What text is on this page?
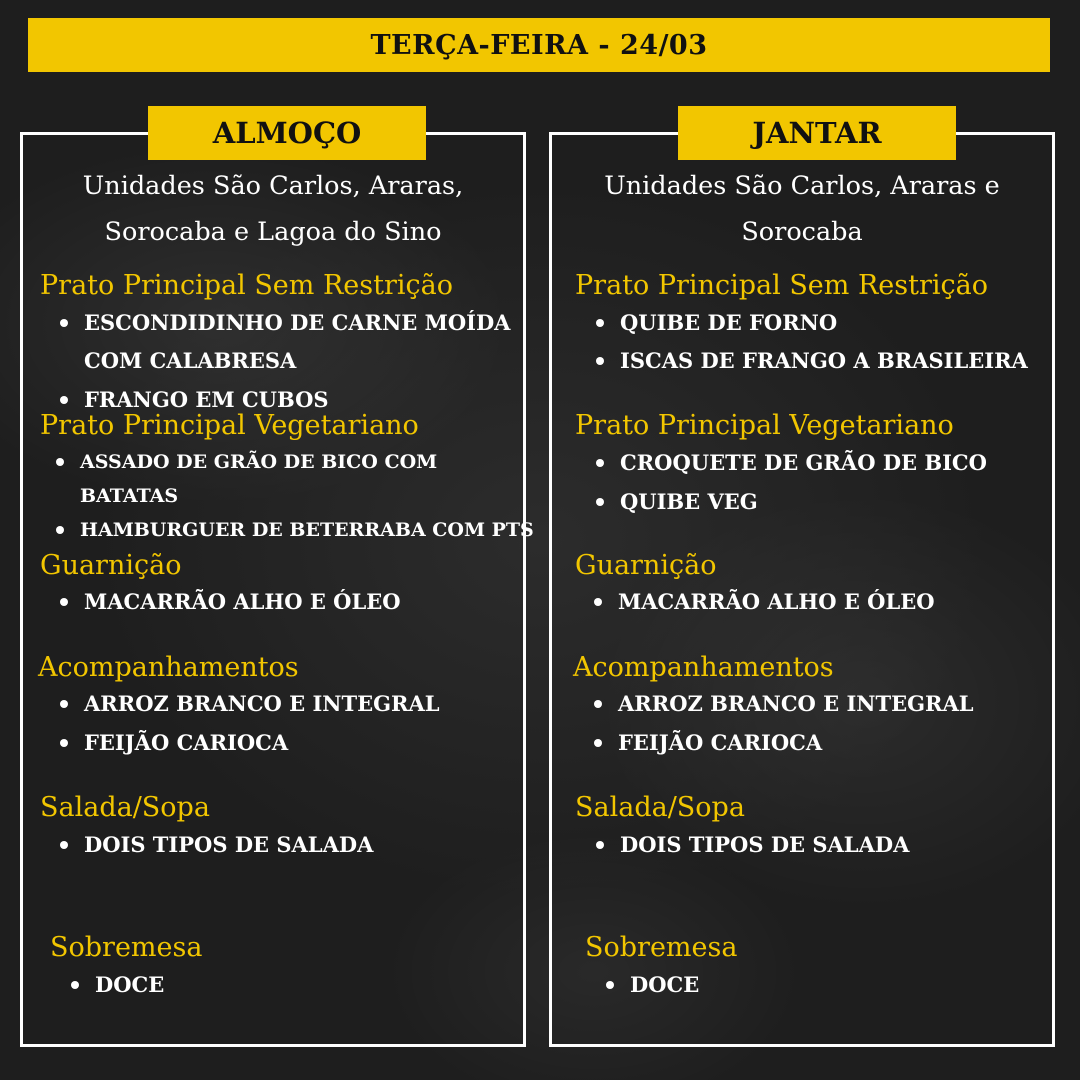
TERÇA-FEIRA - 24/03
ALMOÇO
Unidades São Carlos, Araras,
Sorocaba e Lagoa do Sino
Prato Principal Sem Restrição
ESCONDIDINHO DE CARNE MOÍDA
COM CALABRESA
FRANGO EM CUBOS
Prato Principal Vegetariano
ASSADO DE GRÃO DE BICO COM
BATATAS
HAMBURGUER DE BETERRABA COM PTS
Guarnição
MACARRÃO ALHO E ÓLEO
Acompanhamentos
ARROZ BRANCO E INTEGRAL
FEIJÃO CARIOCA
Salada/Sopa
DOIS TIPOS DE SALADA
Sobremesa
DOCE
JANTAR
Unidades São Carlos, Araras e
Sorocaba
Prato Principal Sem Restrição
QUIBE DE FORNO
ISCAS DE FRANGO A BRASILEIRA
Prato Principal Vegetariano
CROQUETE DE GRÃO DE BICO
QUIBE VEG
Guarnição
MACARRÃO ALHO E ÓLEO
Acompanhamentos
ARROZ BRANCO E INTEGRAL
FEIJÃO CARIOCA
Salada/Sopa
DOIS TIPOS DE SALADA
Sobremesa
DOCE
